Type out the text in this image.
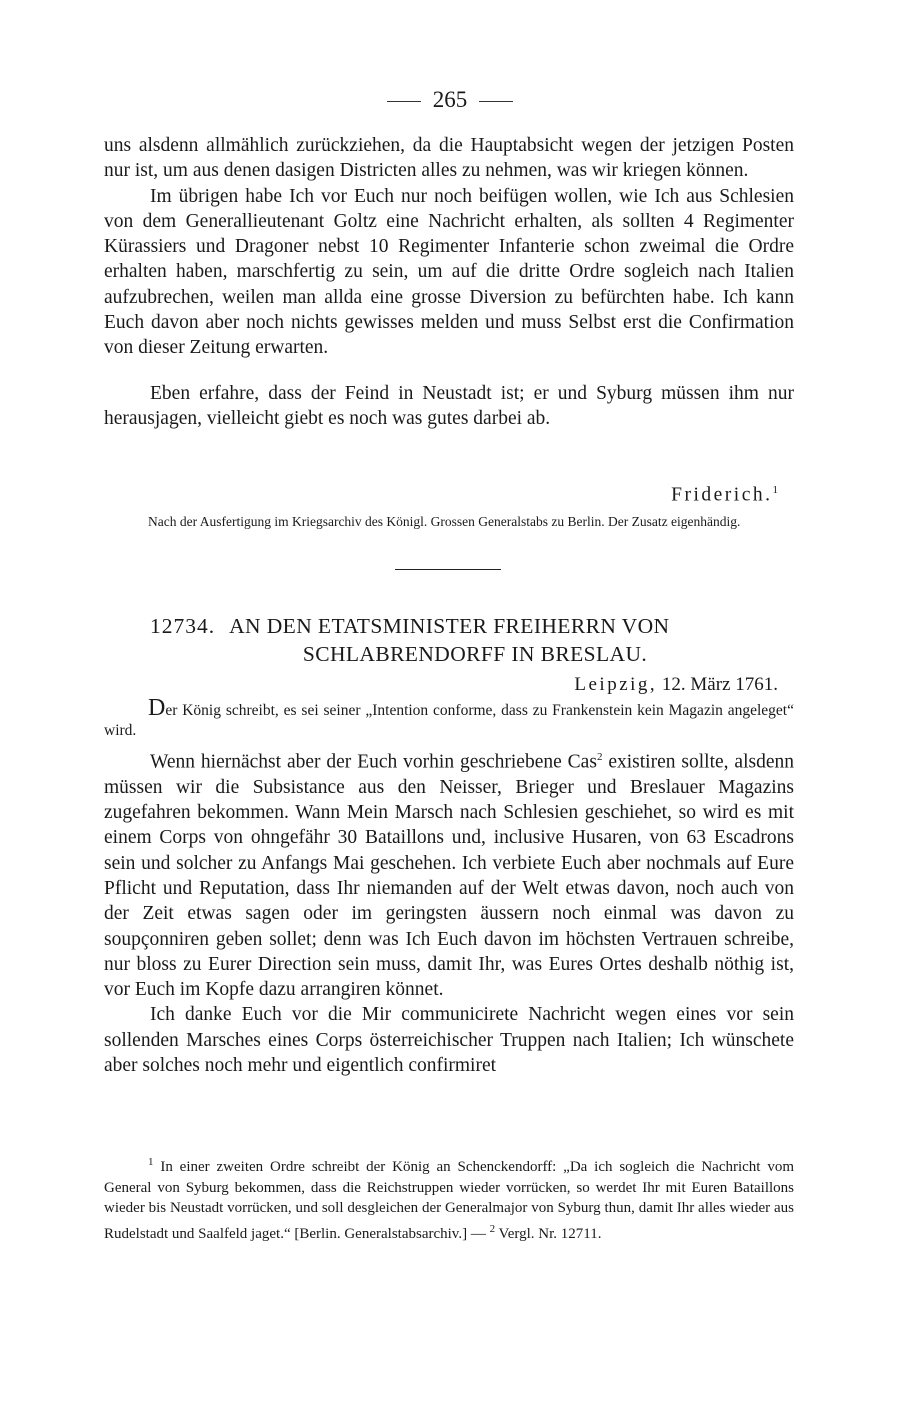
265

uns alsdenn allmählich zurückziehen, da die Hauptabsicht wegen der jetzigen Posten nur ist, um aus denen dasigen Districten alles zu nehmen, was wir kriegen können.

Im übrigen habe Ich vor Euch nur noch beifügen wollen, wie Ich aus Schlesien von dem Generallieutenant Goltz eine Nachricht erhalten, als sollten 4 Regimenter Kürassiers und Dragoner nebst 10 Regimenter Infanterie schon zweimal die Ordre erhalten haben, marschfertig zu sein, um auf die dritte Ordre sogleich nach Italien aufzubrechen, weilen man allda eine grosse Diversion zu befürchten habe. Ich kann Euch davon aber noch nichts gewisses melden und muss Selbst erst die Confirmation von dieser Zeitung erwarten.

Eben erfahre, dass der Feind in Neustadt ist; er und Syburg müssen ihm nur herausjagen, vielleicht giebt es noch was gutes darbei ab.

Friderich.$^1$
Nach der Ausfertigung im Kriegsarchiv des Königl. Grossen Generalstabs zu Berlin. Der Zusatz eigenhändig.
12734. AN DEN ETATSMINISTER FREIHERRN VON
SCHLABRENDORFF IN BRESLAU.
Leipzig, 12. März 1761.
Der König schreibt, es sei seiner „Intention conforme, dass zu Frankenstein kein Magazin angeleget“ wird.

Wenn hiernächst aber der Euch vorhin geschriebene Cas$^2$ existiren sollte, alsdenn müssen wir die Subsistance aus den Neisser, Brieger und Breslauer Magazins zugefahren bekommen. Wann Mein Marsch nach Schlesien geschiehet, so wird es mit einem Corps von ohngefähr 30 Bataillons und, inclusive Husaren, von 63 Escadrons sein und solcher zu Anfangs Mai geschehen. Ich verbiete Euch aber nochmals auf Eure Pflicht und Reputation, dass Ihr niemanden auf der Welt etwas davon, noch auch von der Zeit etwas sagen oder im geringsten äussern noch einmal was davon zu soupçonniren geben sollet; denn was Ich Euch davon im höchsten Vertrauen schreibe, nur bloss zu Eurer Direction sein muss, damit Ihr, was Eures Ortes deshalb nöthig ist, vor Euch im Kopfe dazu arrangiren könnet.

Ich danke Euch vor die Mir communicirete Nachricht wegen eines vor sein sollenden Marsches eines Corps österreichischer Truppen nach Italien; Ich wünschete aber solches noch mehr und eigentlich confirmiret

$^1$ In einer zweiten Ordre schreibt der König an Schenckendorff: „Da ich sogleich die Nachricht vom General von Syburg bekommen, dass die Reichstruppen wieder vorrücken, so werdet Ihr mit Euren Bataillons wieder bis Neustadt vorrücken, und soll desgleichen der Generalmajor von Syburg thun, damit Ihr alles wieder aus Rudelstadt und Saalfeld jaget.“ [Berlin. Generalstabsarchiv.] — $^2$ Vergl. Nr. 12711.
